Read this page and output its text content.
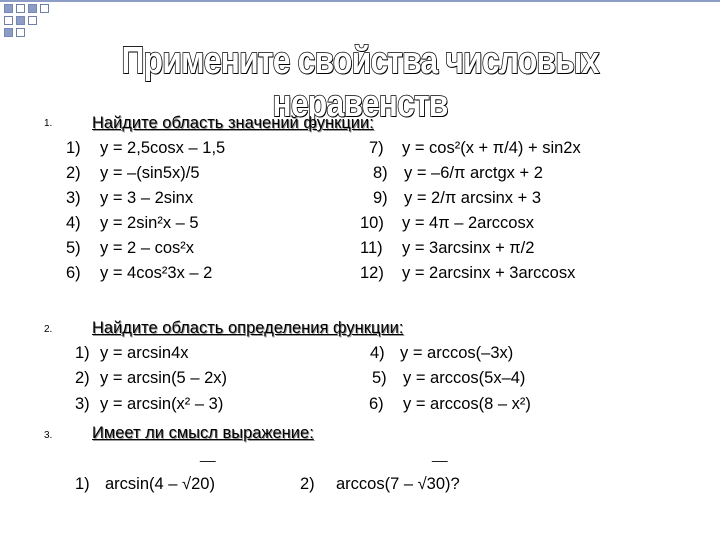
Примените свойства числовых неравенств
1. Найдите область значений функции:
1) y = 2,5cosx – 1,5
2) y = –(sin5x)/5
3) y = 3 – 2sinx
4) y = 2sin²x – 5
5) y = 2 – cos²x
6) y = 4cos²3x – 2
7) y = cos²(x + π/4) + sin2x
8) y = –6/π arctgx + 2
9) y = 2/π arcsinx + 3
10) y = 4π – 2arccosx
11) y = 3arcsinx + π/2
12) y = 2arcsinx + 3arccosx
2. Найдите область определения функции:
1) y = arcsin4x
2) y = arcsin(5 – 2x)
3) y = arcsin(x² – 3)
4) y = arccos(–3x)
5) y = arccos(5x–4)
6) y = arccos(8 – x²)
3. Имеет ли смысл выражение:
__
1) arcsin(4 – √20)
__
2) arccos(7 – √30)?
